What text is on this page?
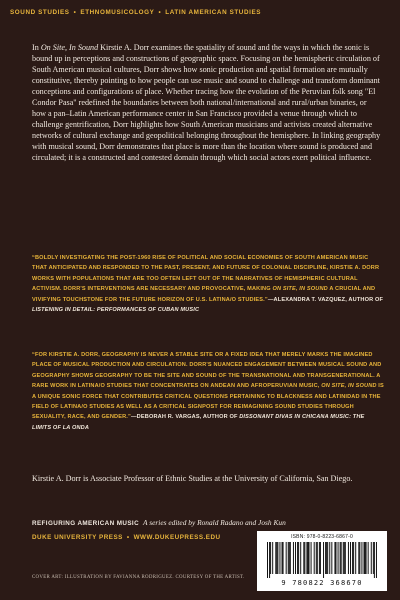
SOUND STUDIES • ETHNOMUSICOLOGY • LATIN AMERICAN STUDIES

In On Site, In Sound Kirstie A. Dorr examines the spatiality of sound and the ways in which the sonic is bound up in perceptions and constructions of geographic space. Focusing on the hemispheric circulation of South American musical cultures, Dorr shows how sonic production and spatial formation are mutually constitutive, thereby pointing to how people can use music and sound to challenge and transform dominant conceptions and configurations of place. Whether tracing how the evolution of the Peruvian folk song "El Condor Pasa" redefined the boundaries between both national/international and rural/urban binaries, or how a pan–Latin American performance center in San Francisco provided a venue through which to challenge gentrification, Dorr highlights how South American musicians and activists created alternative networks of cultural exchange and geopolitical belonging throughout the hemisphere. In linking geography with musical sound, Dorr demonstrates that place is more than the location where sound is produced and circulated; it is a constructed and contested domain through which social actors exert political influence.

“BOLDLY INVESTIGATING THE POST-1960 RISE OF POLITICAL AND SOCIAL ECONOMIES OF SOUTH AMERICAN MUSIC THAT ANTICIPATED AND RESPONDED TO THE PAST, PRESENT, AND FUTURE OF COLONIAL DISCIPLINE, KIRSTIE A. DORR WORKS WITH POPULATIONS THAT ARE TOO OFTEN LEFT OUT OF THE NARRATIVES OF HEMISPHERIC CULTURAL ACTIVISM. DORR'S INTERVENTIONS ARE NECESSARY AND PROVOCATIVE, MAKING ON SITE, IN SOUND A CRUCIAL AND VIVIFYING TOUCHSTONE FOR THE FUTURE HORIZON OF U.S. LATINA/O STUDIES.”—ALEXANDRA T. VAZQUEZ, AUTHOR OF LISTENING IN DETAIL: PERFORMANCES OF CUBAN MUSIC

“FOR KIRSTIE A. DORR, GEOGRAPHY IS NEVER A STABLE SITE OR A FIXED IDEA THAT MERELY MARKS THE IMAGINED PLACE OF MUSICAL PRODUCTION AND CIRCULATION. DORR'S NUANCED ENGAGEMENT BETWEEN MUSICAL SOUND AND GEOGRAPHY SHOWS GEOGRAPHY TO BE THE SITE AND SOUND OF THE TRANSNATIONAL AND TRANSGENERATIONAL. A RARE WORK IN LATINA/O STUDIES THAT CONCENTRATES ON ANDEAN AND AFROPERUVIAN MUSIC, ON SITE, IN SOUND IS A UNIQUE SONIC FORCE THAT CONTRIBUTES CRITICAL QUESTIONS PERTAINING TO BLACKNESS AND LATINIDAD IN THE FIELD OF LATINA/O STUDIES AS WELL AS A CRITICAL SIGNPOST FOR REIMAGINING SOUND STUDIES THROUGH SEXUALITY, RACE, AND GENDER.”—DEBORAH R. VARGAS, AUTHOR OF DISSONANT DIVAS IN CHICANA MUSIC: THE LIMITS OF LA ONDA

Kirstie A. Dorr is Associate Professor of Ethnic Studies at the University of California, San Diego.

REFIGURING AMERICAN MUSIC A series edited by Ronald Radano and Josh Kun
DUKE UNIVERSITY PRESS • WWW.DUKEUPRESS.EDU
COVER ART: ILLUSTRATION BY FAVIANNA RODRIGUEZ. COURTESY OF THE ARTIST.
ISBN: 978-0-8223-6867-0
9 780822 368670
